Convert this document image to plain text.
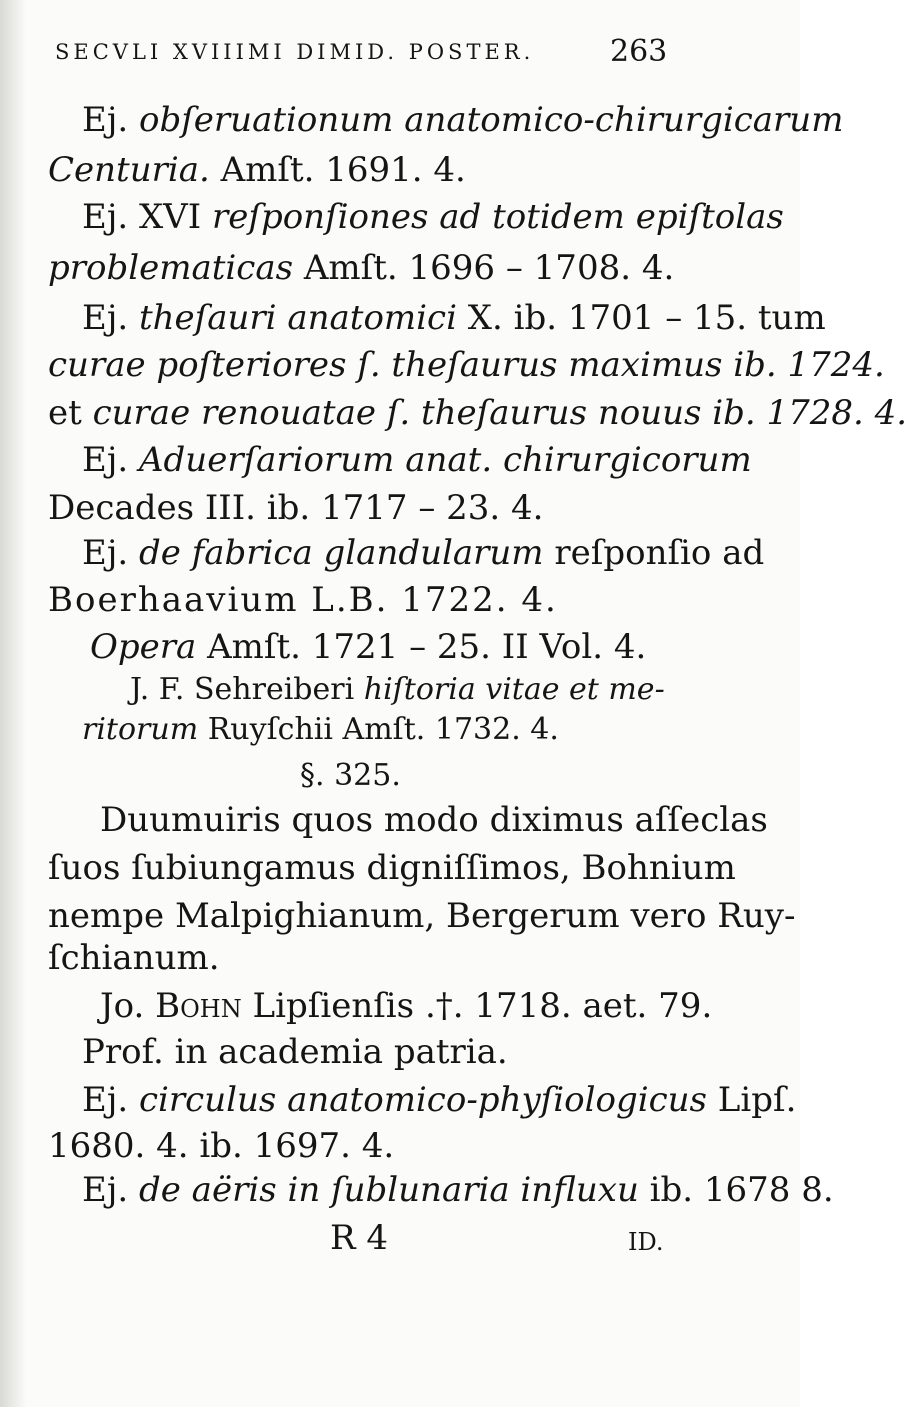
SECVLI XVIIIMI DIMID. POSTER.	263
Ej. obſeruationum anatomico-chirurgicarum
Centuria. Amſt. 1691. 4.
Ej. XVI reſponſiones ad totidem epiſtolas
problematicas Amſt. 1696 – 1708. 4.
Ej. theſauri anatomici X. ib. 1701 – 15. tum
curae poſteriores ſ. theſaurus maximus ib. 1724.
et curae renouatae ſ. theſaurus nouus ib. 1728. 4.
Ej. Aduerſariorum anat. chirurgicorum
Decades III. ib. 1717 – 23. 4.
Ej. de fabrica glandularum reſponſio ad
Boerhaavium L.B. 1722. 4.
Opera Amſt. 1721 – 25. II Vol. 4.
J. F. Sehreiberi hiſtoria vitae et me-
ritorum Ruyſchii Amſt. 1732. 4.
§. 325.
Duumuiris quos modo diximus aſſeclas
ſuos ſubiungamus digniſſimos, Bohnium
nempe Malpighianum, Bergerum vero Ruy-
ſchianum.
Jo. Bohn Lipſienſis .†. 1718. aet. 79.
Prof. in academia patria.
Ej. circulus anatomico-phyſiologicus Lipſ.
1680. 4. ib. 1697. 4.
Ej. de aëris in ſublunaria influxu ib. 1678 8.
R 4	ID.
